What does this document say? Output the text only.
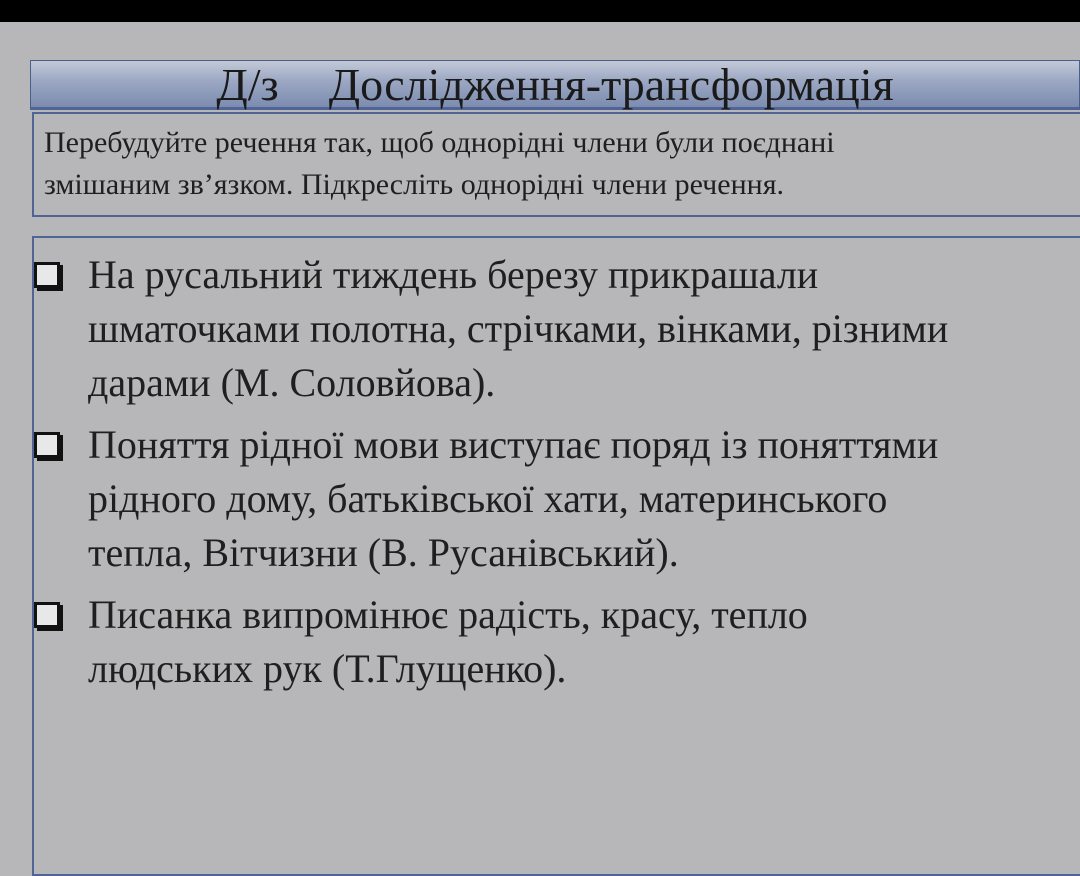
Д/з Дослідження-трансформація
Перебудуйте речення так, щоб однорідні члени були поєднані
змішаним зв’язком. Підкресліть однорідні члени речення.
На русальний тиждень березу прикрашали
шматочками полотна, стрічками, вінками, різними
дарами (М. Соловйова).
Поняття рідної мови виступає поряд із поняттями
рідного дому, батьківської хати, материнського
тепла, Вітчизни (В. Русанівський).
Писанка випромінює радість, красу, тепло
людських рук (Т.Глущенко).
